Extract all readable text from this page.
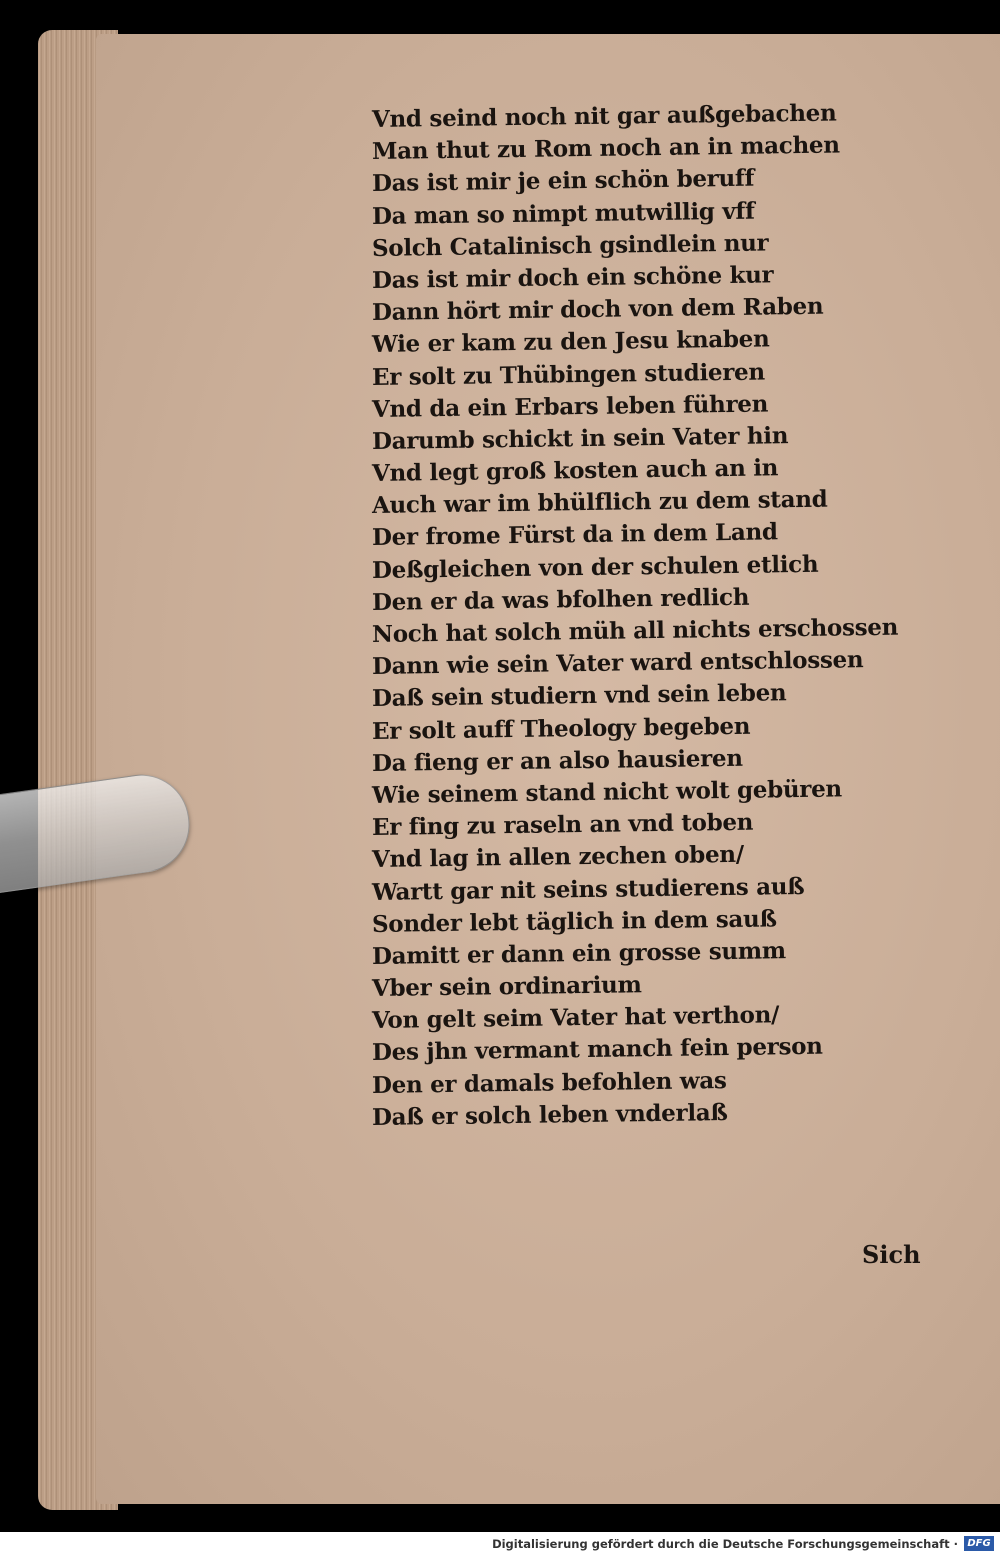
Vnd seind noch nit gar außgebachen
Man thut zu Rom noch an in machen
Das ist mir je ein schön beruff
Da man so nimpt mutwillig vff
Solch Catalinisch gsindlein nur
Das ist mir doch ein schöne kur
Dann hört mir doch von dem Raben
Wie er kam zu den Jesu knaben
Er solt zu Thübingen studieren
Vnd da ein Erbars leben führen
Darumb schickt in sein Vater hin
Vnd legt groß kosten auch an in
Auch war im bhülflich zu dem stand
Der frome Fürst da in dem Land
Deßgleichen von der schulen etlich
Den er da was bfolhen redlich
Noch hat solch müh all nichts erschossen
Dann wie sein Vater ward entschlossen
Daß sein studiern vnd sein leben
Er solt auff Theology begeben
Da fieng er an also hausieren
Wie seinem stand nicht wolt gebüren
Er fing zu raseln an vnd toben
Vnd lag in allen zechen oben/
Wartt gar nit seins studierens auß
Sonder lebt täglich in dem sauß
Damitt er dann ein grosse summ
Vber sein ordinarium
Von gelt seim Vater hat verthon/
Des jhn vermant manch fein person
Den er damals befohlen was
Daß er solch leben vnderlaß
Sich
Digitalisierung gefördert durch die Deutsche Forschungsgemeinschaft · DFG
